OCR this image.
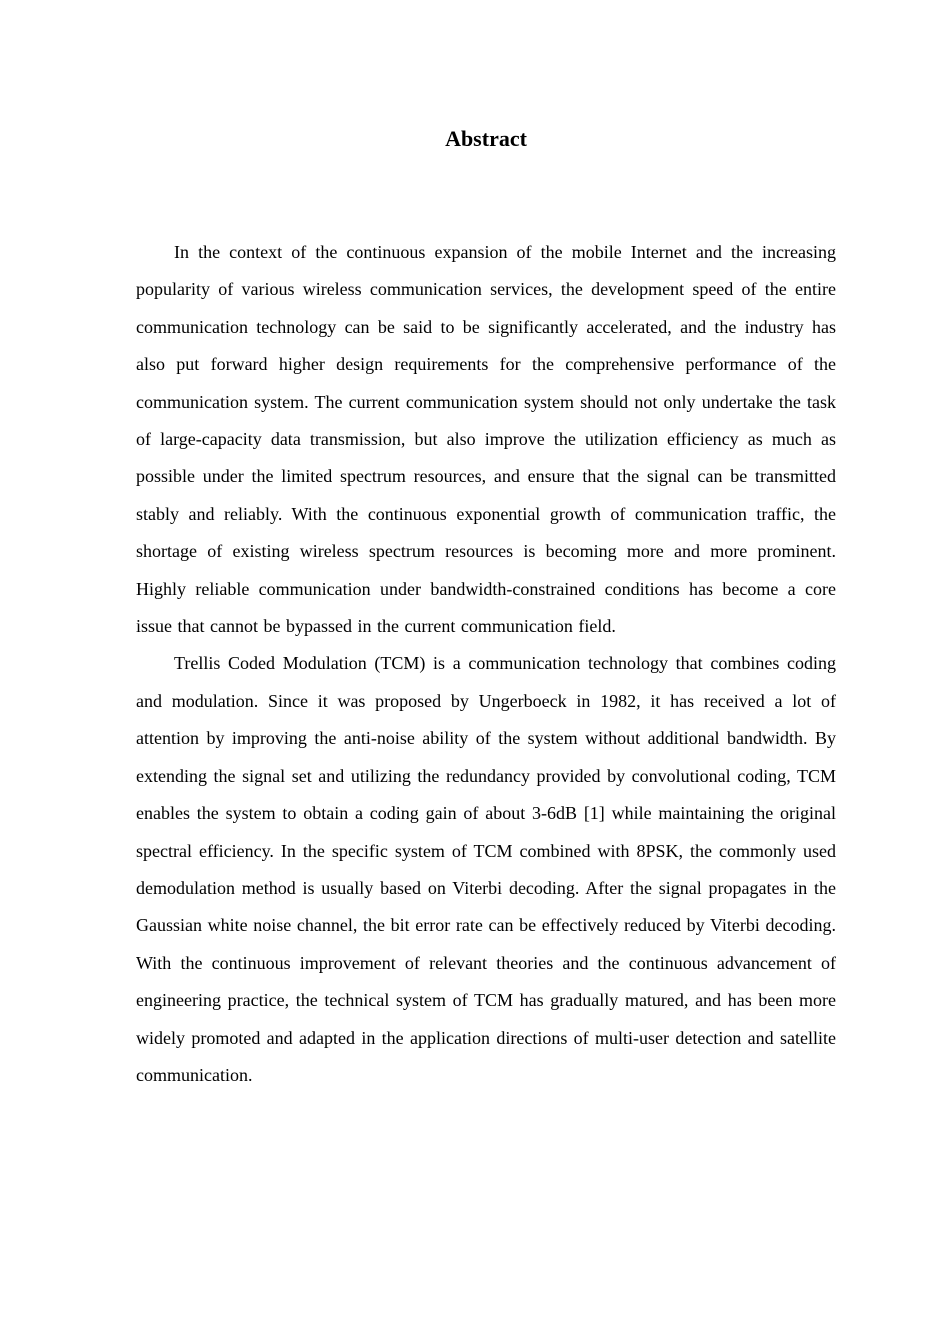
Abstract

In the context of the continuous expansion of the mobile Internet and the increasing popularity of various wireless communication services, the development speed of the entire communication technology can be said to be significantly accelerated, and the industry has also put forward higher design requirements for the comprehensive performance of the communication system. The current communication system should not only undertake the task of large-capacity data transmission, but also improve the utilization efficiency as much as possible under the limited spectrum resources, and ensure that the signal can be transmitted stably and reliably. With the continuous exponential growth of communication traffic, the shortage of existing wireless spectrum resources is becoming more and more prominent. Highly reliable communication under bandwidth-constrained conditions has become a core issue that cannot be bypassed in the current communication field.

Trellis Coded Modulation (TCM) is a communication technology that combines coding and modulation. Since it was proposed by Ungerboeck in 1982, it has received a lot of attention by improving the anti-noise ability of the system without additional bandwidth. By extending the signal set and utilizing the redundancy provided by convolutional coding, TCM enables the system to obtain a coding gain of about 3-6dB [1] while maintaining the original spectral efficiency. In the specific system of TCM combined with 8PSK, the commonly used demodulation method is usually based on Viterbi decoding. After the signal propagates in the Gaussian white noise channel, the bit error rate can be effectively reduced by Viterbi decoding. With the continuous improvement of relevant theories and the continuous advancement of engineering practice, the technical system of TCM has gradually matured, and has been more widely promoted and adapted in the application directions of multi-user detection and satellite communication.
